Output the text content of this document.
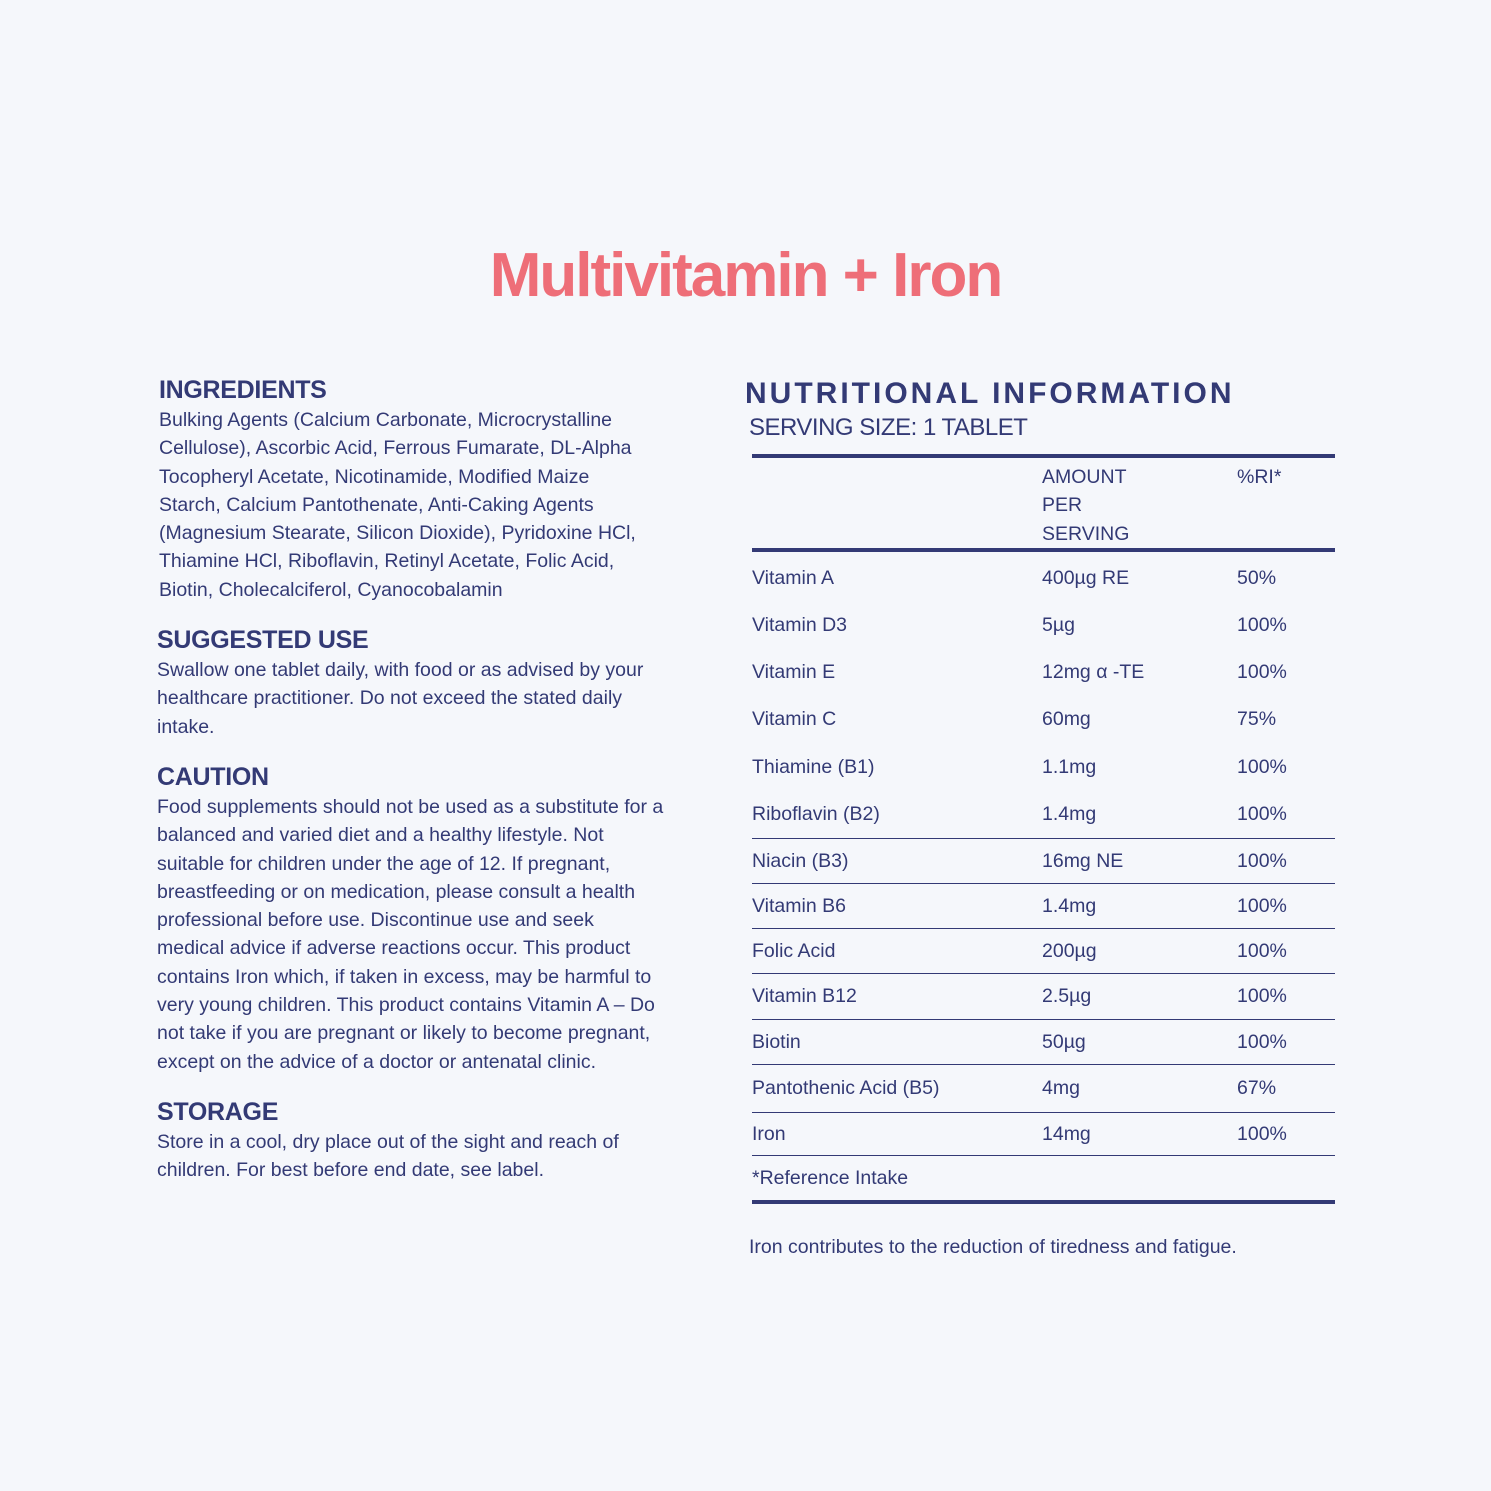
Multivitamin + Iron
INGREDIENTS

Bulking Agents (Calcium Carbonate, Microcrystalline
Cellulose), Ascorbic Acid, Ferrous Fumarate, DL-Alpha
Tocopheryl Acetate, Nicotinamide, Modified Maize
Starch, Calcium Pantothenate, Anti-Caking Agents
(Magnesium Stearate, Silicon Dioxide), Pyridoxine HCl,
Thiamine HCl, Riboflavin, Retinyl Acetate, Folic Acid,
Biotin, Cholecalciferol, Cyanocobalamin

SUGGESTED USE

Swallow one tablet daily, with food or as advised by your
healthcare practitioner. Do not exceed the stated daily
intake.

CAUTION

Food supplements should not be used as a substitute for a
balanced and varied diet and a healthy lifestyle. Not
suitable for children under the age of 12. If pregnant,
breastfeeding or on medication, please consult a health
professional before use. Discontinue use and seek
medical advice if adverse reactions occur. This product
contains Iron which, if taken in excess, may be harmful to
very young children. This product contains Vitamin A – Do
not take if you are pregnant or likely to become pregnant,
except on the advice of a doctor or antenatal clinic.

STORAGE

Store in a cool, dry place out of the sight and reach of
children. For best before end date, see label.

NUTRITIONAL INFORMATION

SERVING SIZE: 1 TABLET

AMOUNT PER SERVING
%RI*
Vitamin A	400µg RE	50%
Vitamin D3	5µg	100%
Vitamin E	12mg α -TE	100%
Vitamin C	60mg	75%
Thiamine (B1)	1.1mg	100%
Riboflavin (B2)	1.4mg	100%
Niacin (B3)	16mg NE	100%
Vitamin B6	1.4mg	100%
Folic Acid	200µg	100%
Vitamin B12	2.5µg	100%
Biotin	50µg	100%
Pantothenic Acid (B5)	4mg	67%
Iron	14mg	100%
*Reference Intake

Iron contributes to the reduction of tiredness and fatigue.
